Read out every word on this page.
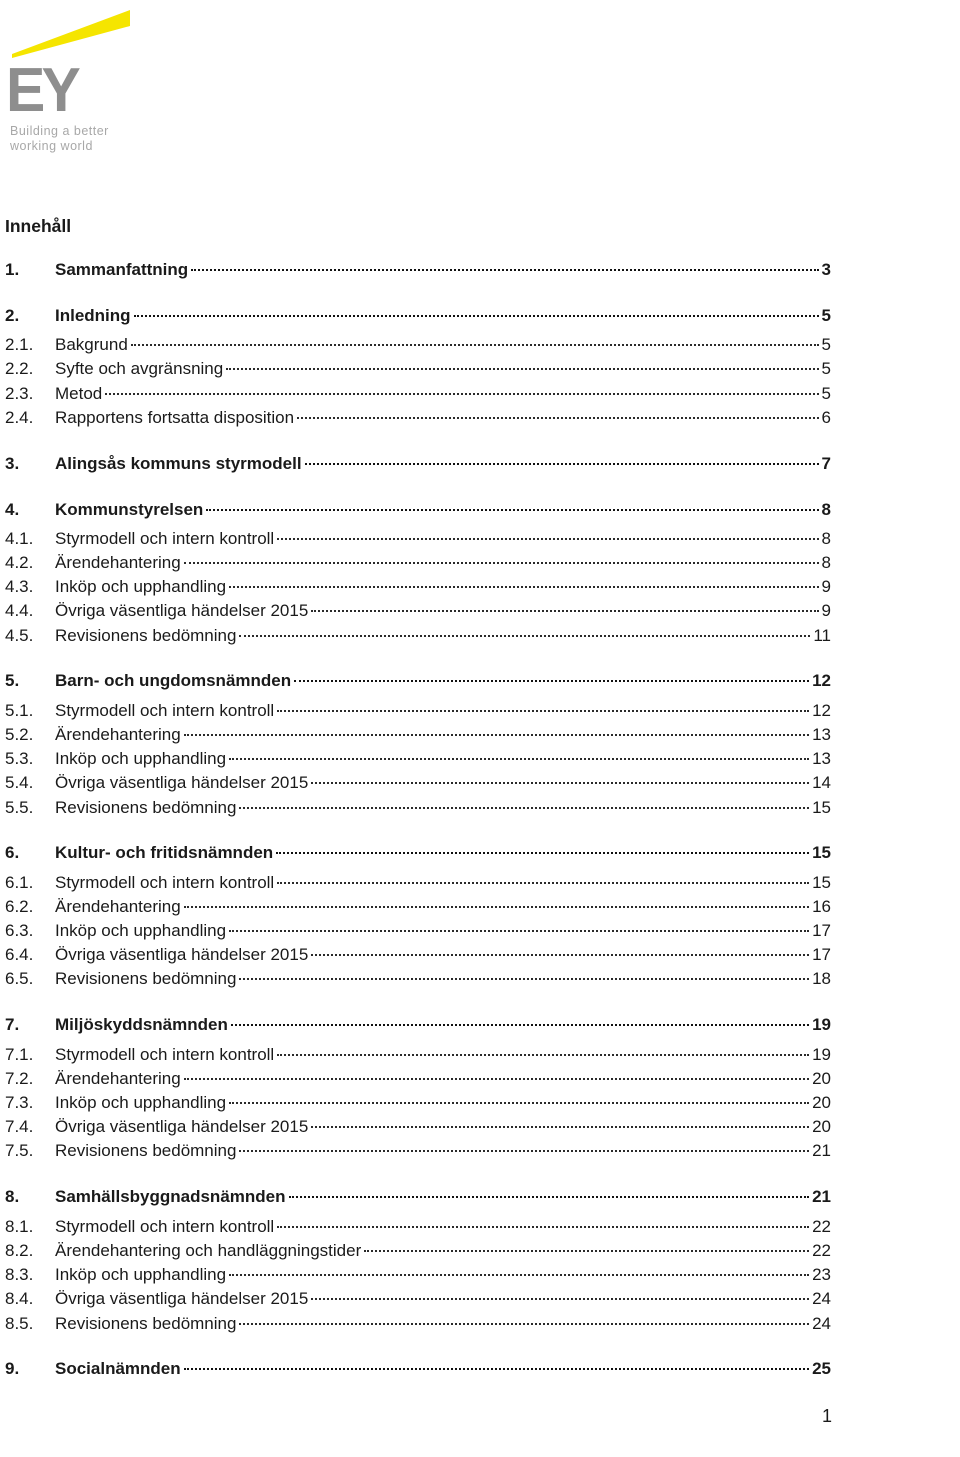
EY
Building a better
working world
Innehåll
1.	Sammanfattning	3
2.	Inledning	5
2.1.	Bakgrund	5
2.2.	Syfte och avgränsning	5
2.3.	Metod	5
2.4.	Rapportens fortsatta disposition	6
3.	Alingsås kommuns styrmodell	7
4.	Kommunstyrelsen	8
4.1.	Styrmodell och intern kontroll	8
4.2.	Ärendehantering	8
4.3.	Inköp och upphandling	9
4.4.	Övriga väsentliga händelser 2015	9
4.5.	Revisionens bedömning	11
5.	Barn- och ungdomsnämnden	12
5.1.	Styrmodell och intern kontroll	12
5.2.	Ärendehantering	13
5.3.	Inköp och upphandling	13
5.4.	Övriga väsentliga händelser 2015	14
5.5.	Revisionens bedömning	15
6.	Kultur- och fritidsnämnden	15
6.1.	Styrmodell och intern kontroll	15
6.2.	Ärendehantering	16
6.3.	Inköp och upphandling	17
6.4.	Övriga väsentliga händelser 2015	17
6.5.	Revisionens bedömning	18
7.	Miljöskyddsnämnden	19
7.1.	Styrmodell och intern kontroll	19
7.2.	Ärendehantering	20
7.3.	Inköp och upphandling	20
7.4.	Övriga väsentliga händelser 2015	20
7.5.	Revisionens bedömning	21
8.	Samhällsbyggnadsnämnden	21
8.1.	Styrmodell och intern kontroll	22
8.2.	Ärendehantering och handläggningstider	22
8.3.	Inköp och upphandling	23
8.4.	Övriga väsentliga händelser 2015	24
8.5.	Revisionens bedömning	24
9.	Socialnämnden	25
1
